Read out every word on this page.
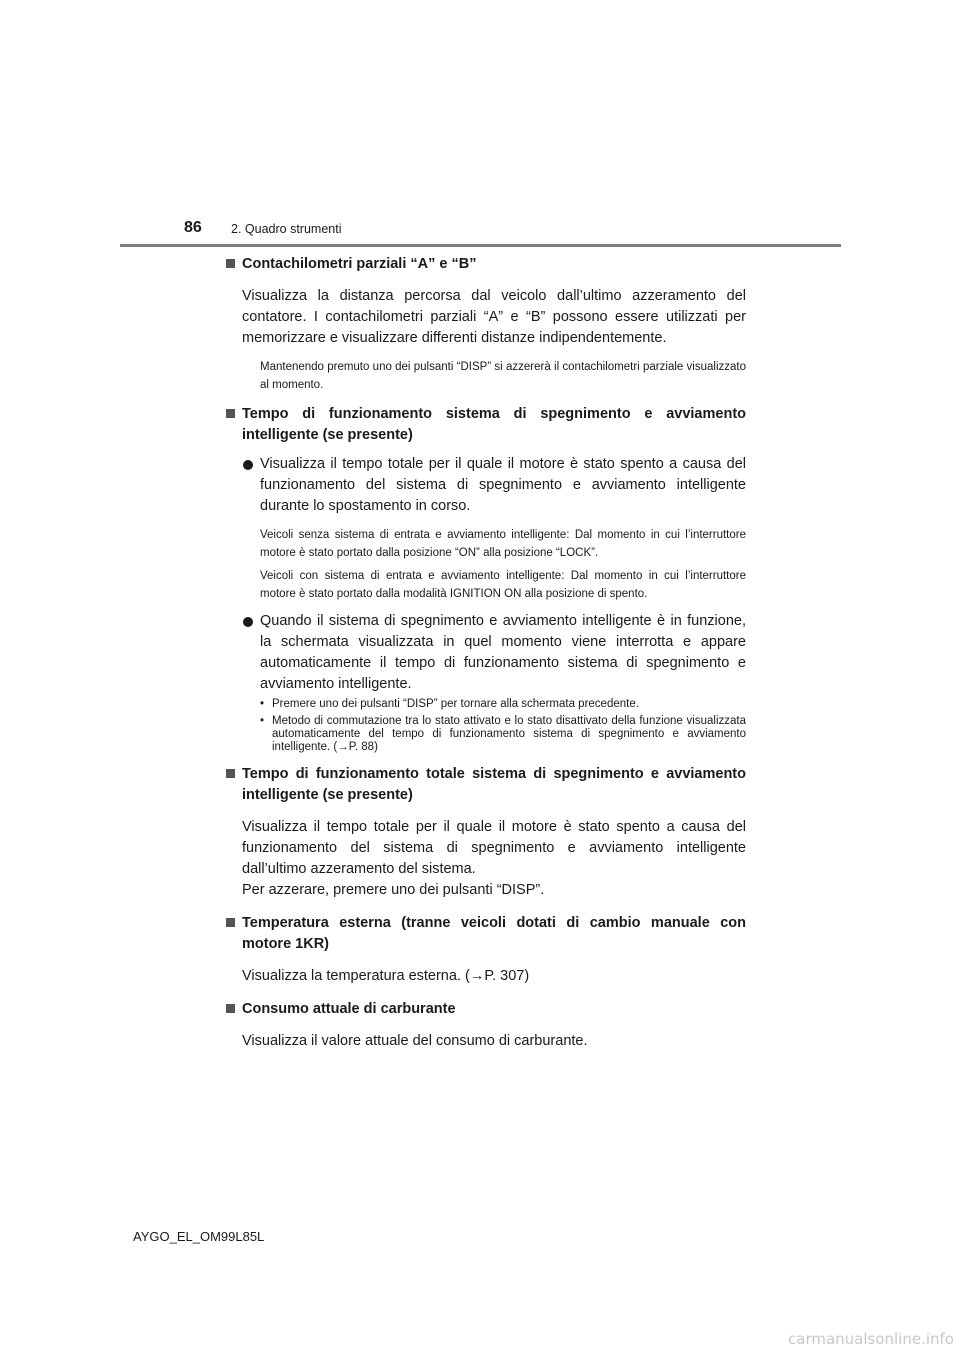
86 2. Quadro strumenti

Contachilometri parziali “A” e “B”

Visualizza la distanza percorsa dal veicolo dall’ultimo azzeramento del contatore. I contachilometri parziali “A” e “B” possono essere utilizzati per memorizzare e visualizzare differenti distanze indipendentemente.

Mantenendo premuto uno dei pulsanti “DISP” si azzererà il contachilometri parziale visualizzato al momento.

Tempo di funzionamento sistema di spegnimento e avviamento intelligente (se presente)

Visualizza il tempo totale per il quale il motore è stato spento a causa del funzionamento del sistema di spegnimento e avviamento intelligente durante lo spostamento in corso.

Veicoli senza sistema di entrata e avviamento intelligente: Dal momento in cui l’interruttore motore è stato portato dalla posizione “ON” alla posizione “LOCK”.

Veicoli con sistema di entrata e avviamento intelligente: Dal momento in cui l’interruttore motore è stato portato dalla modalità IGNITION ON alla posizione di spento.

Quando il sistema di spegnimento e avviamento intelligente è in funzione, la schermata visualizzata in quel momento viene interrotta e appare automaticamente il tempo di funzionamento sistema di spegnimento e avviamento intelligente.

• Premere uno dei pulsanti “DISP” per tornare alla schermata precedente.

• Metodo di commutazione tra lo stato attivato e lo stato disattivato della funzione visualizzata automaticamente del tempo di funzionamento sistema di spegnimento e avviamento intelligente. (→P. 88)

Tempo di funzionamento totale sistema di spegnimento e avviamento intelligente (se presente)

Visualizza il tempo totale per il quale il motore è stato spento a causa del funzionamento del sistema di spegnimento e avviamento intelligente dall’ultimo azzeramento del sistema.

Per azzerare, premere uno dei pulsanti “DISP”.

Temperatura esterna (tranne veicoli dotati di cambio manuale con motore 1KR)

Visualizza la temperatura esterna. (→P. 307)

Consumo attuale di carburante

Visualizza il valore attuale del consumo di carburante.

AYGO_EL_OM99L85L
carmanualsonline.info
